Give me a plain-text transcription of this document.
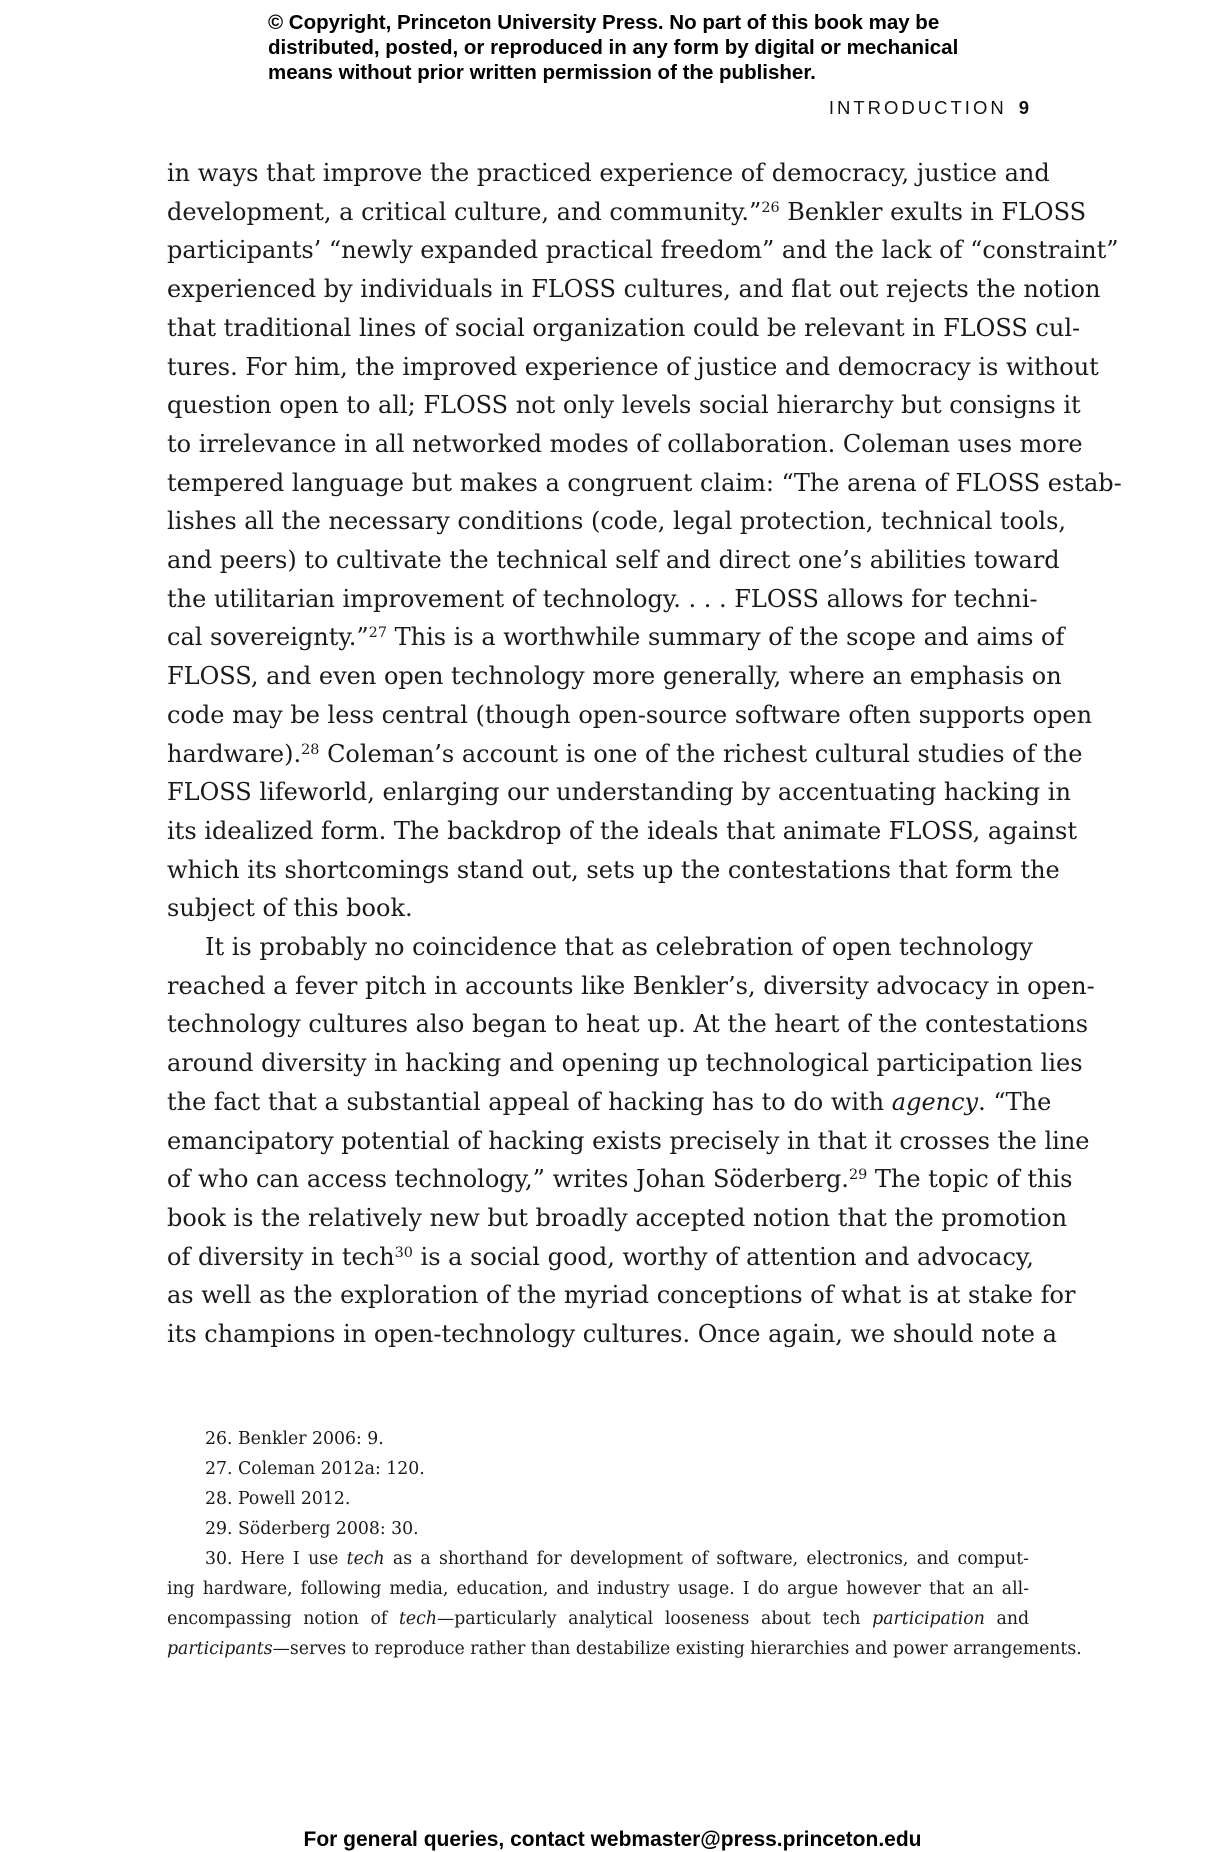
© Copyright, Princeton University Press. No part of this book may be
distributed, posted, or reproduced in any form by digital or mechanical
means without prior written permission of the publisher.
INTRODUCTION 9
in ways that improve the practiced experience of democracy, justice and
development, a critical culture, and community.”$^{26}$ Benkler exults in FLOSS
participants’ “newly expanded practical freedom” and the lack of “constraint”
experienced by individuals in FLOSS cultures, and flat out rejects the notion
that traditional lines of social organization could be relevant in FLOSS cul-
tures. For him, the improved experience of justice and democracy is without
question open to all; FLOSS not only levels social hierarchy but consigns it
to irrelevance in all networked modes of collaboration. Coleman uses more
tempered language but makes a congruent claim: “The arena of FLOSS estab-
lishes all the necessary conditions (code, legal protection, technical tools,
and peers) to cultivate the technical self and direct one’s abilities toward
the utilitarian improvement of technology. . . . FLOSS allows for techni-
cal sovereignty.”$^{27}$ This is a worthwhile summary of the scope and aims of
FLOSS, and even open technology more generally, where an emphasis on
code may be less central (though open-source software often supports open
hardware).$^{28}$ Coleman’s account is one of the richest cultural studies of the
FLOSS lifeworld, enlarging our understanding by accentuating hacking in
its idealized form. The backdrop of the ideals that animate FLOSS, against
which its shortcomings stand out, sets up the contestations that form the
subject of this book.
It is probably no coincidence that as celebration of open technology
reached a fever pitch in accounts like Benkler’s, diversity advocacy in open-
technology cultures also began to heat up. At the heart of the contestations
around diversity in hacking and opening up technological participation lies
the fact that a substantial appeal of hacking has to do with agency. “The
emancipatory potential of hacking exists precisely in that it crosses the line
of who can access technology,” writes Johan Söderberg.$^{29}$ The topic of this
book is the relatively new but broadly accepted notion that the promotion
of diversity in tech$^{30}$ is a social good, worthy of attention and advocacy,
as well as the exploration of the myriad conceptions of what is at stake for
its champions in open-technology cultures. Once again, we should note a
26. Benkler 2006: 9.
27. Coleman 2012a: 120.
28. Powell 2012.
29. Söderberg 2008: 30.
30. Here I use tech as a shorthand for development of software, electronics, and comput-
ing hardware, following media, education, and industry usage. I do argue however that an all-
encompassing notion of tech—particularly analytical looseness about tech participation and
participants—serves to reproduce rather than destabilize existing hierarchies and power arrangements.
For general queries, contact webmaster@press.princeton.edu
